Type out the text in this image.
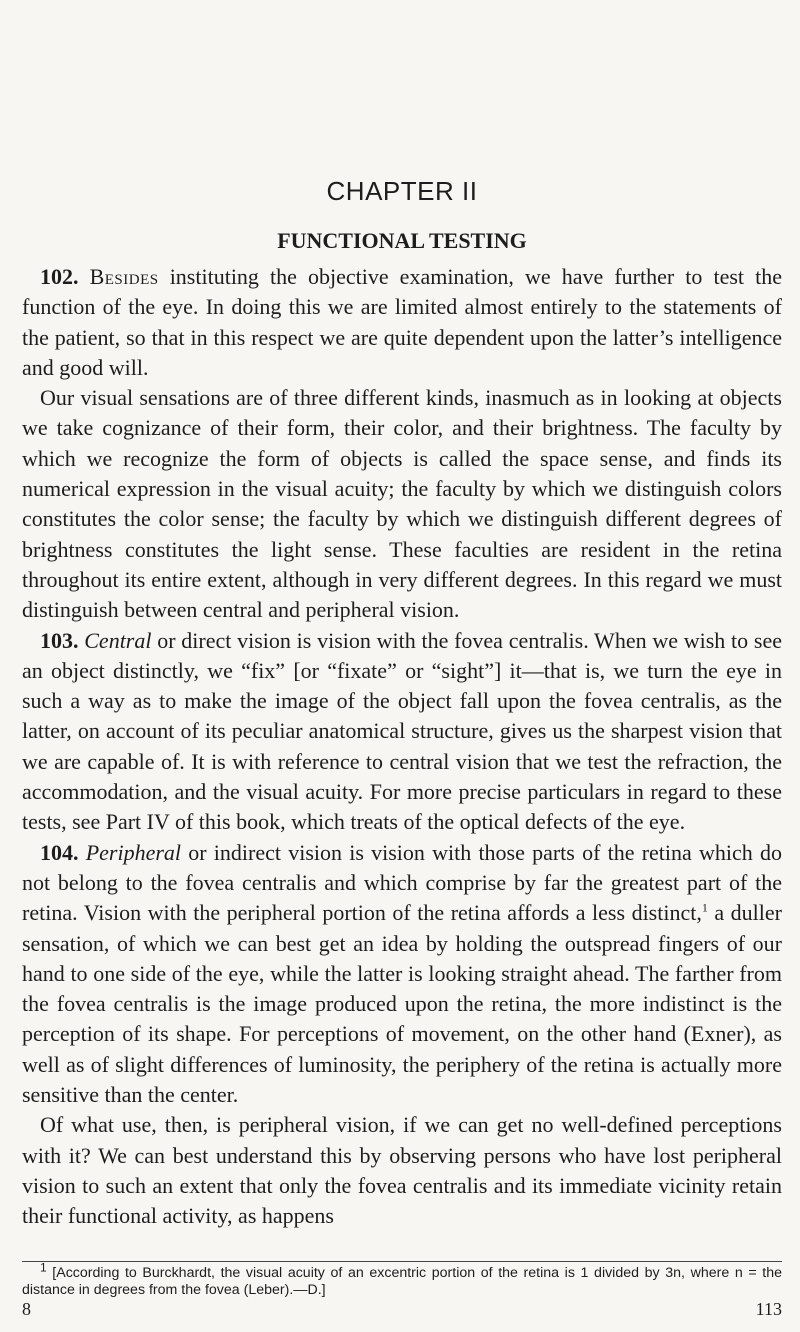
CHAPTER II
FUNCTIONAL TESTING

102. Besides instituting the objective examination, we have further to test the function of the eye. In doing this we are limited almost entirely to the statements of the patient, so that in this respect we are quite dependent upon the latter’s intelligence and good will.

Our visual sensations are of three different kinds, inasmuch as in looking at objects we take cognizance of their form, their color, and their brightness. The faculty by which we recognize the form of objects is called the space sense, and finds its numerical expression in the visual acuity; the faculty by which we distinguish colors constitutes the color sense; the faculty by which we distinguish different degrees of brightness constitutes the light sense. These faculties are resident in the retina throughout its entire extent, although in very different degrees. In this regard we must distinguish between central and peripheral vision.

103. Central or direct vision is vision with the fovea centralis. When we wish to see an object distinctly, we “fix” [or “fixate” or “sight”] it—that is, we turn the eye in such a way as to make the image of the object fall upon the fovea centralis, as the latter, on account of its peculiar anatomical structure, gives us the sharpest vision that we are capable of. It is with reference to central vision that we test the refraction, the accommodation, and the visual acuity. For more precise particulars in regard to these tests, see Part IV of this book, which treats of the optical defects of the eye.

104. Peripheral or indirect vision is vision with those parts of the retina which do not belong to the fovea centralis and which comprise by far the greatest part of the retina. Vision with the peripheral portion of the retina affords a less distinct,$^1$ a duller sensation, of which we can best get an idea by holding the outspread fingers of our hand to one side of the eye, while the latter is looking straight ahead. The farther from the fovea centralis is the image produced upon the retina, the more indistinct is the perception of its shape. For perceptions of movement, on the other hand (Exner), as well as of slight differences of luminosity, the periphery of the retina is actually more sensitive than the center.

Of what use, then, is peripheral vision, if we can get no well-defined perceptions with it? We can best understand this by observing persons who have lost peripheral vision to such an extent that only the fovea centralis and its immediate vicinity retain their functional activity, as happens

$^1$ [According to Burckhardt, the visual acuity of an excentric portion of the retina is 1 divided by 3n, where n = the distance in degrees from the fovea (Leber).—D.]

8	113
